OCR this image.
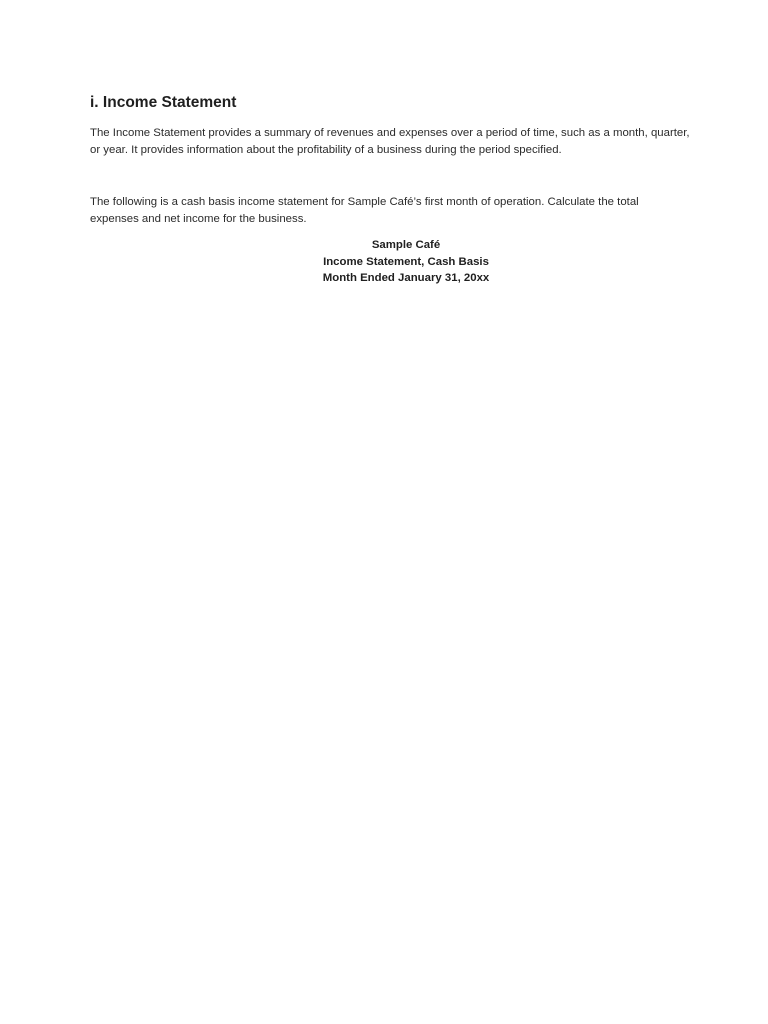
i. Income Statement

The Income Statement provides a summary of revenues and expenses over a period of time, such as a month, quarter, or year. It provides information about the profitability of a business during the period specified.

The following is a cash basis income statement for Sample Café’s first month of operation. Calculate the total expenses and net income for the business.

Sample Café
Income Statement, Cash Basis
Month Ended January 31, 20xx
